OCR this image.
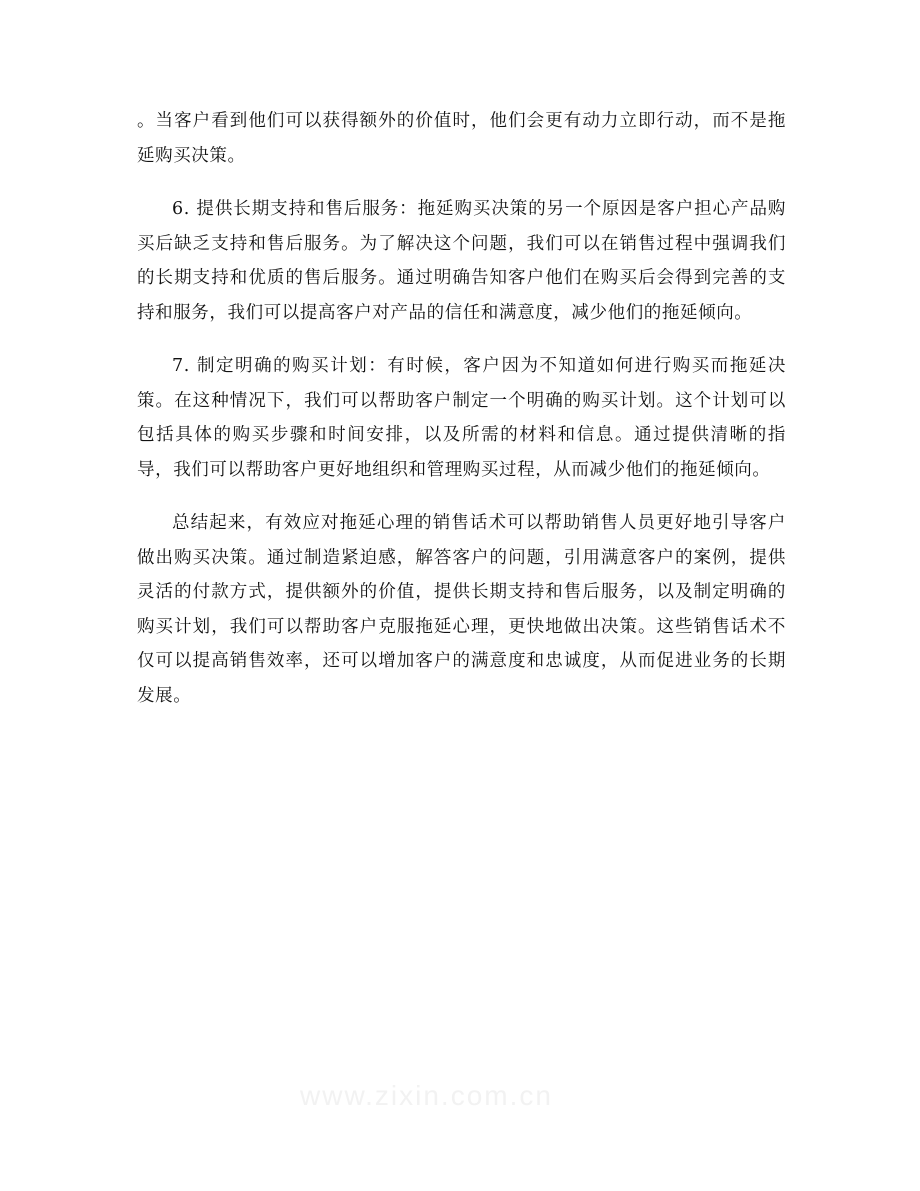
。当客户看到他们可以获得额外的价值时，他们会更有动力立即行动，而不是拖延购买决策。

6. 提供长期支持和售后服务：拖延购买决策的另一个原因是客户担心产品购买后缺乏支持和售后服务。为了解决这个问题，我们可以在销售过程中强调我们的长期支持和优质的售后服务。通过明确告知客户他们在购买后会得到完善的支持和服务，我们可以提高客户对产品的信任和满意度，减少他们的拖延倾向。

7. 制定明确的购买计划：有时候，客户因为不知道如何进行购买而拖延决策。在这种情况下，我们可以帮助客户制定一个明确的购买计划。这个计划可以包括具体的购买步骤和时间安排，以及所需的材料和信息。通过提供清晰的指导，我们可以帮助客户更好地组织和管理购买过程，从而减少他们的拖延倾向。

总结起来，有效应对拖延心理的销售话术可以帮助销售人员更好地引导客户做出购买决策。通过制造紧迫感，解答客户的问题，引用满意客户的案例，提供灵活的付款方式，提供额外的价值，提供长期支持和售后服务，以及制定明确的购买计划，我们可以帮助客户克服拖延心理，更快地做出决策。这些销售话术不仅可以提高销售效率，还可以增加客户的满意度和忠诚度，从而促进业务的长期发展。

www.zixin.com.cn
